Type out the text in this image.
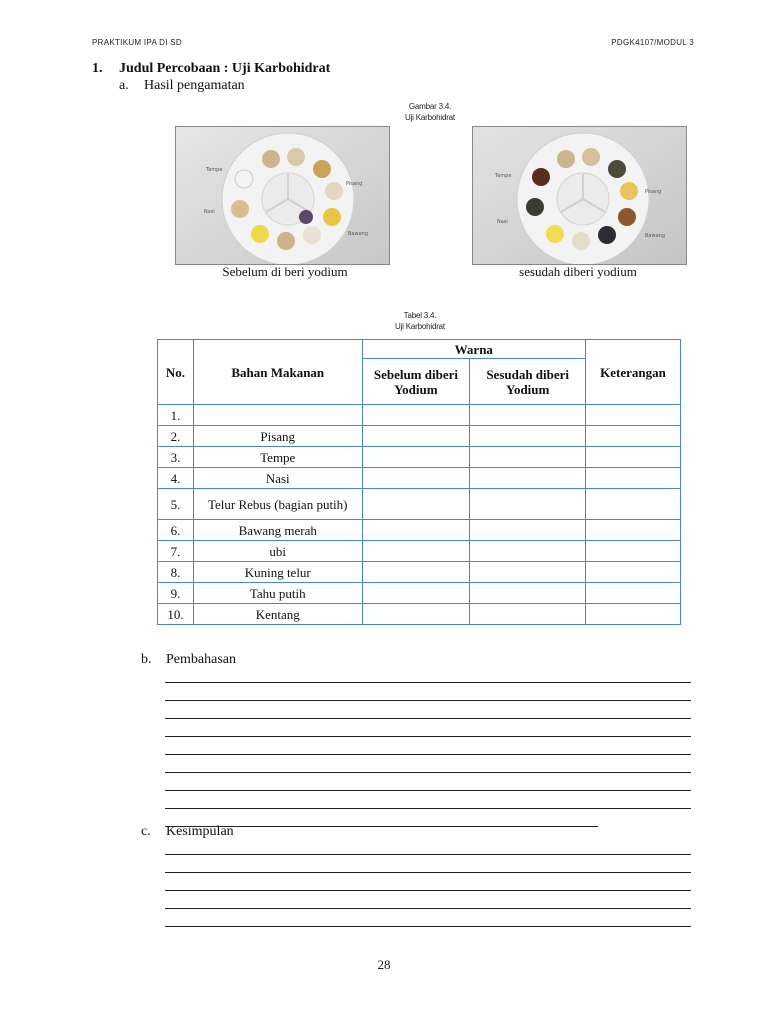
PRAKTIKUM IPA DI SD	PDGK4107/MODUL 3
1. Judul Percobaan : Uji Karbohidrat
a. Hasil pengamatan
Gambar 3.4.
Uji Karbohidrat
Tempe
Nasi
Pisang
Bawang
Tempe
Nasi
Pisang
Bawang
Sebelum di beri yodium	sesudah diberi yodium
Tabel 3.4.
Uji Karbohidrat
No.	Bahan Makanan	Warna		Keterangan
		Sebelum diberi Yodium	Sesudah diberi Yodium	
1.				
2.	Pisang			
3.	Tempe			
4.	Nasi			
5.	Telur Rebus (bagian putih)			
6.	Bawang merah			
7.	ubi			
8.	Kuning telur			
9.	Tahu putih			
10.	Kentang			
b. Pembahasan
c. Kesimpulan
28
